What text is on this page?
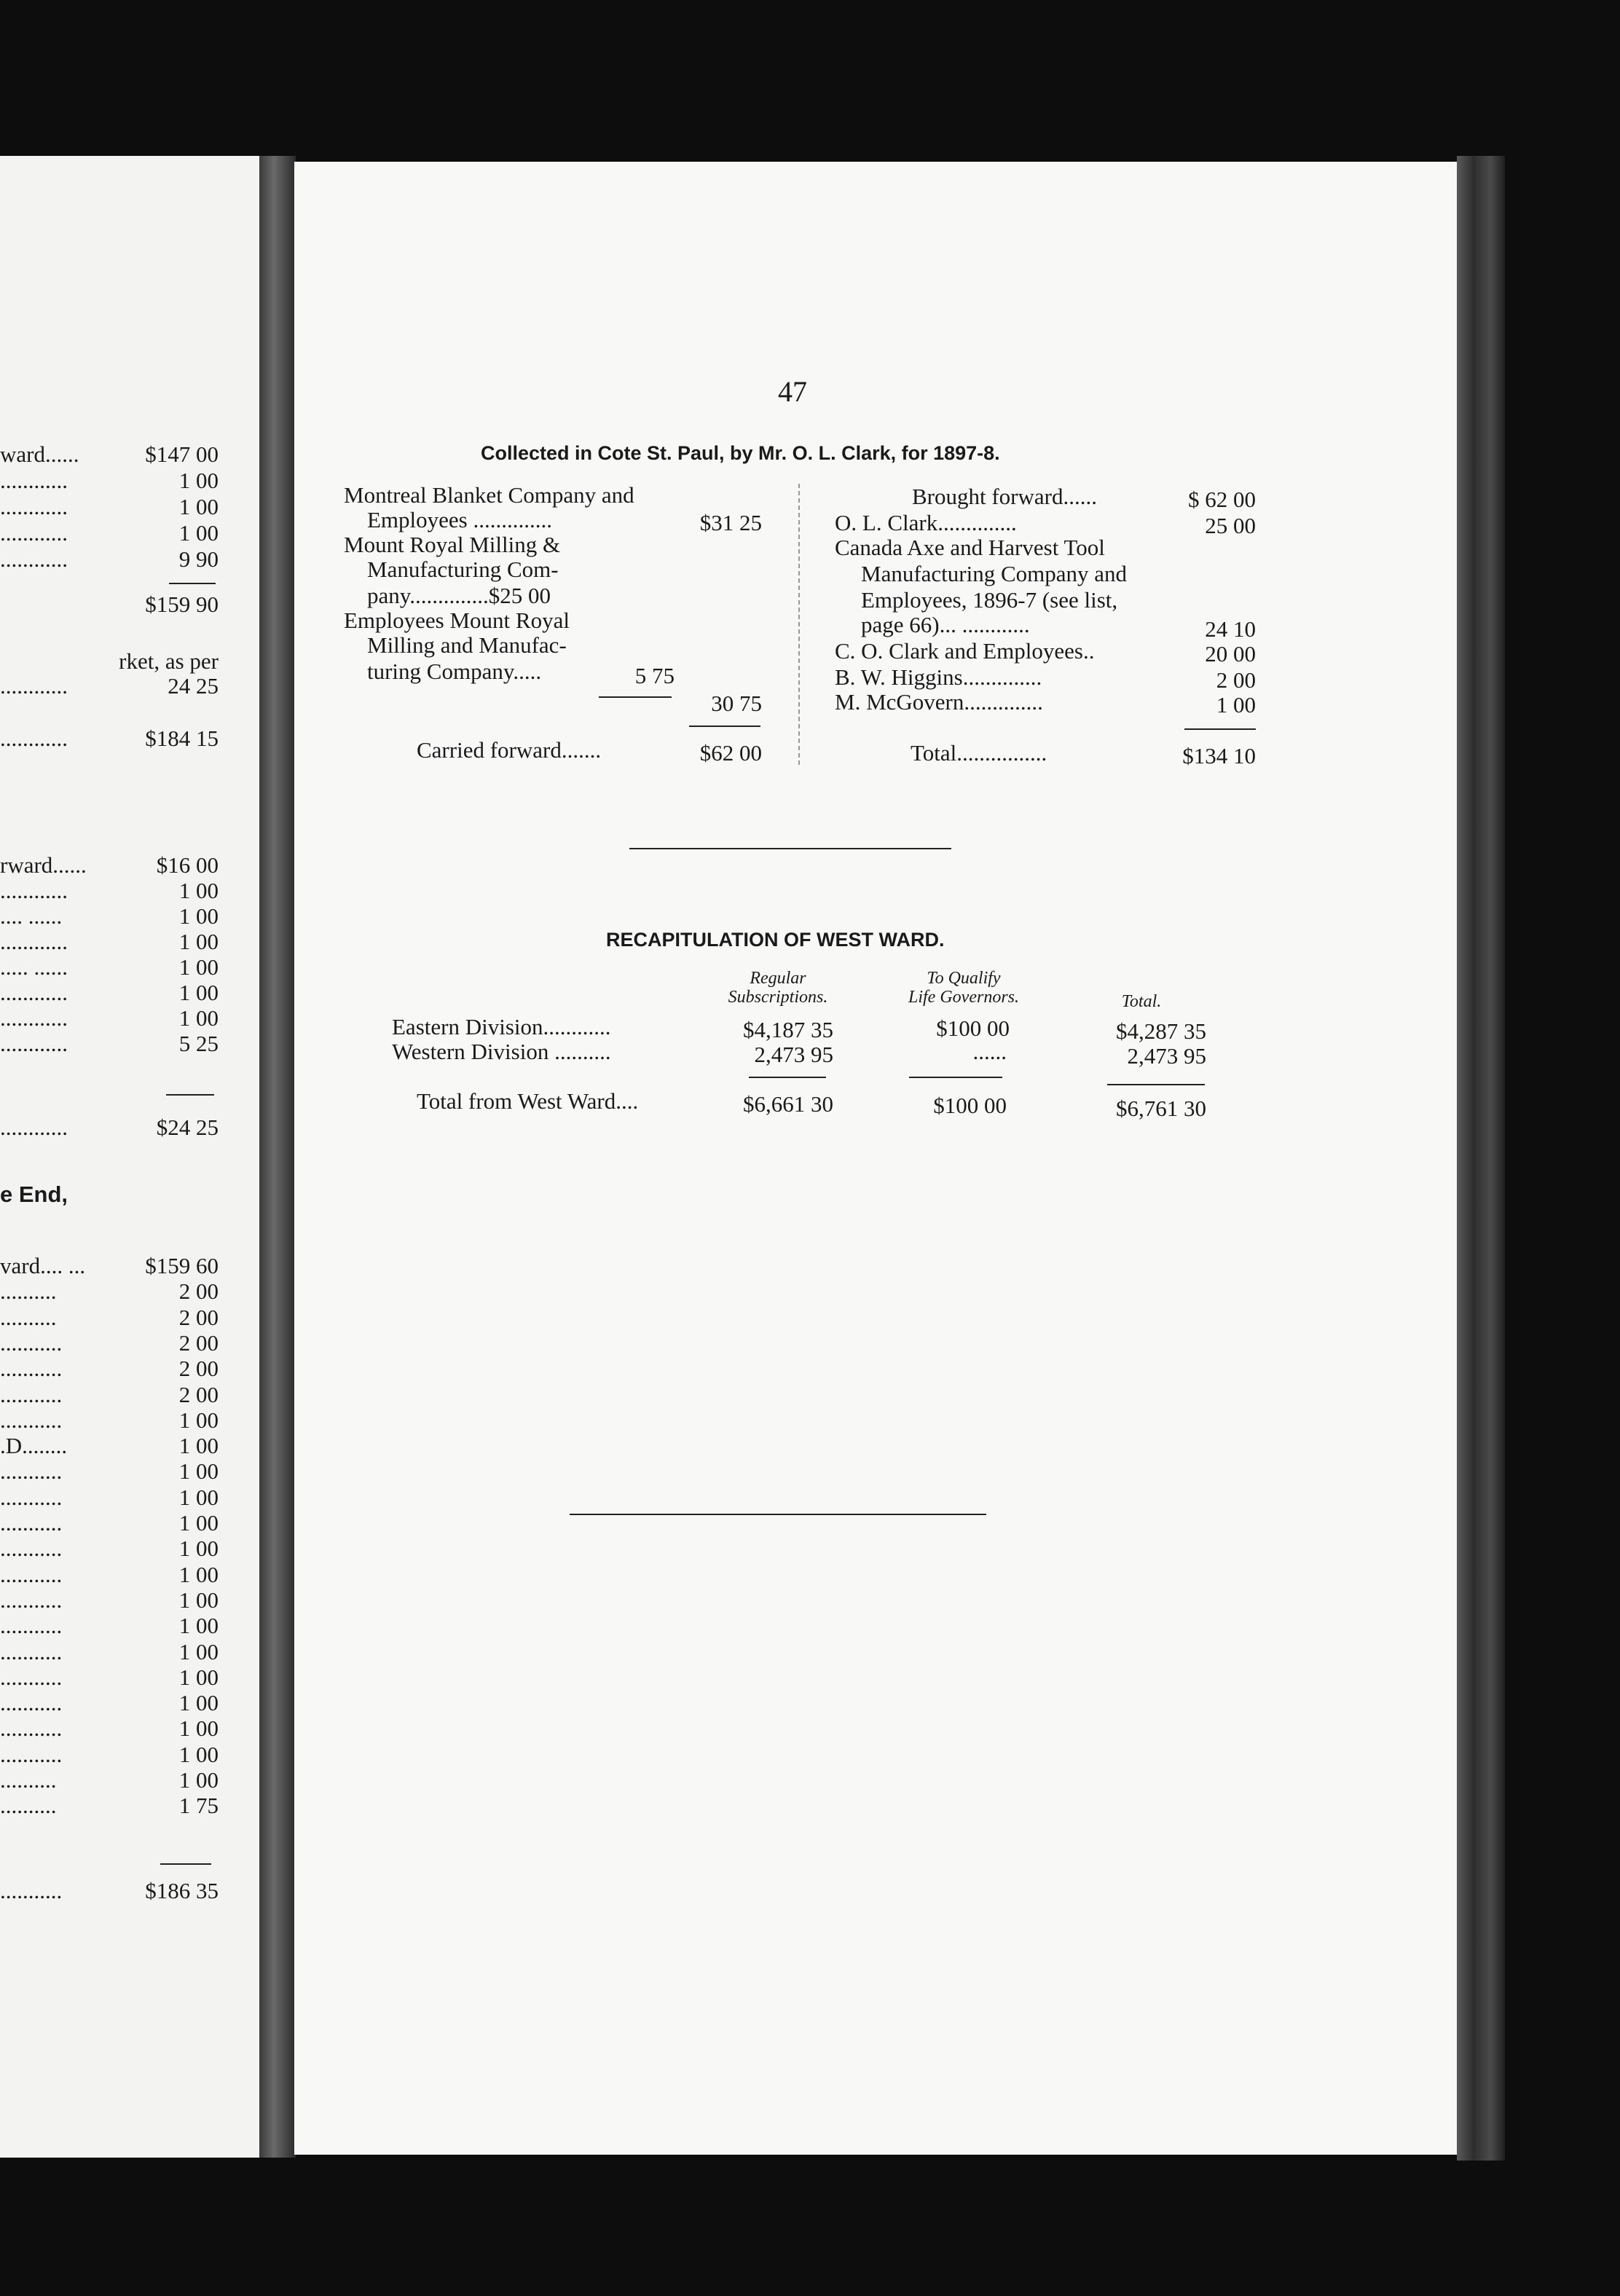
ward......	$147 00
............	1 00
............	1 00
............	1 00
............	9 90
$159 90
rket, as per
............	24 25
............	$184 15
rward......	$16 00
............	1 00
.... ......	1 00
............	1 00
..... ......	1 00
............	1 00
............	1 00
............	5 25
............	$24 25
e End,
vard.... ...	$159 60
..........	2 00
..........	2 00
...........	2 00
...........	2 00
...........	2 00
...........	1 00
.D........	1 00
...........	1 00
...........	1 00
...........	1 00
...........	1 00
...........	1 00
...........	1 00
...........	1 00
...........	1 00
...........	1 00
...........	1 00
...........	1 00
...........	1 00
..........	1 00
..........	1 75
...........	$186 35
47
Collected in Cote St. Paul, by Mr. O. L. Clark, for 1897-8.
Montreal Blanket Company and
Employees ..............	$31 25
Mount Royal Milling &
Manufacturing Com-
pany..............$25 00
Employees Mount Royal
Milling and Manufac-
turing Company.....	5 75
30 75
Carried forward.......	$62 00
Brought forward......	$ 62 00
O. L. Clark..............	25 00
Canada Axe and Harvest Tool
Manufacturing Company and
Employees, 1896-7 (see list,
page 66)... ............	24 10
C. O. Clark and Employees..	20 00
B. W. Higgins..............	2 00
M. McGovern..............	1 00
Total................	$134 10
RECAPITULATION OF WEST WARD.
Regular
Subscriptions.
To Qualify
Life Governors.	Total.
Eastern Division............	$4,187 35	$100 00	$4,287 35
Western Division ..........	2,473 95	......	2,473 95
Total from West Ward....	$6,661 30	$100 00	$6,761 30
